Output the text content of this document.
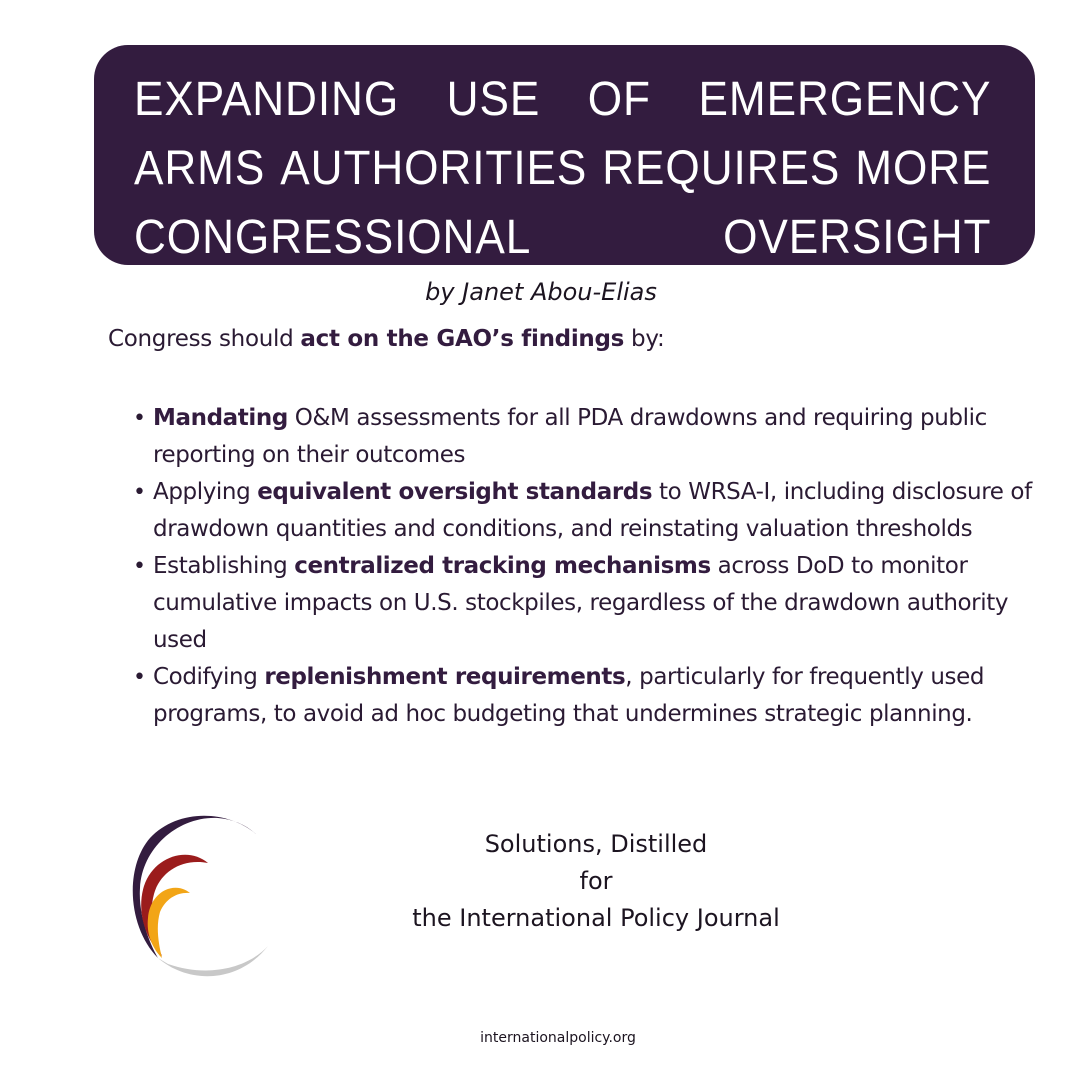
EXPANDING USE OF EMERGENCY
ARMS AUTHORITIES REQUIRES MORE
CONGRESSIONAL	OVERSIGHT
by Janet Abou-Elias
Congress should act on the GAO’s findings by:
• Mandating O&M assessments for all PDA drawdowns and requiring public reporting on their outcomes
• Applying equivalent oversight standards to WRSA-I, including disclosure of drawdown quantities and conditions, and reinstating valuation thresholds
• Establishing centralized tracking mechanisms across DoD to monitor cumulative impacts on U.S. stockpiles, regardless of the drawdown authority used
• Codifying replenishment requirements, particularly for frequently used programs, to avoid ad hoc budgeting that undermines strategic planning.
Solutions, Distilled
for
the International Policy Journal
internationalpolicy.org
